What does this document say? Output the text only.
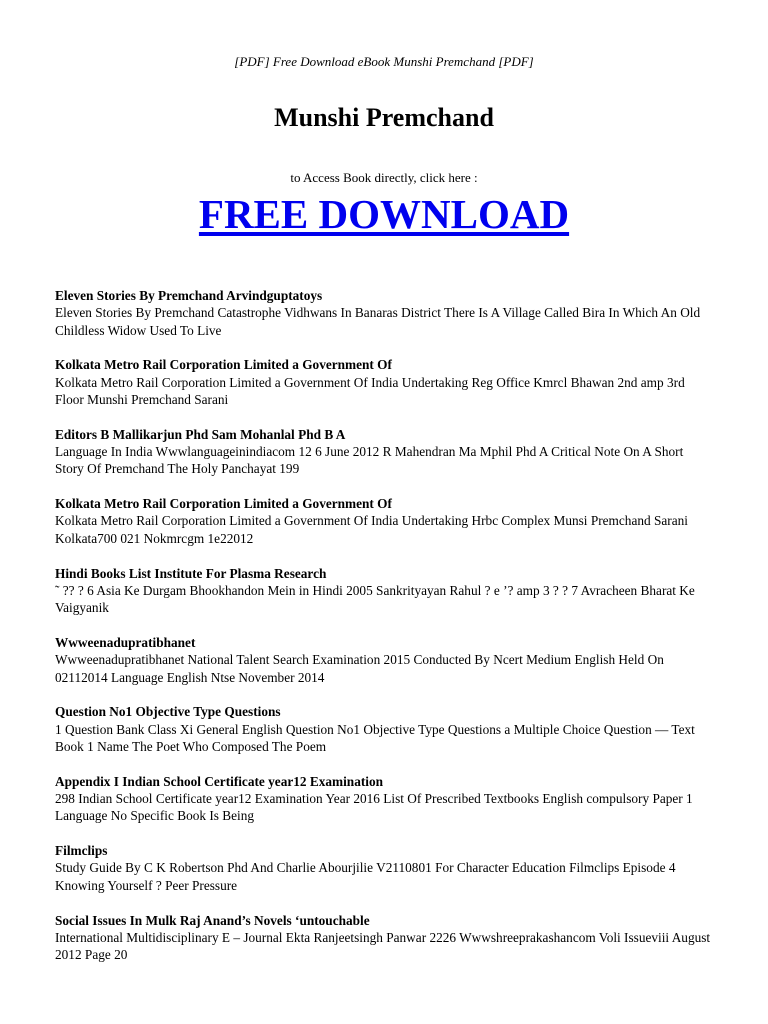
[PDF] Free Download eBook Munshi Premchand [PDF]
Munshi Premchand
to Access Book directly, click here :
FREE DOWNLOAD
Eleven Stories By Premchand Arvindguptatoys
Eleven Stories By Premchand Catastrophe Vidhwans In Banaras District There Is A Village Called Bira In Which An Old Childless Widow Used To Live
Kolkata Metro Rail Corporation Limited a Government Of
Kolkata Metro Rail Corporation Limited a Government Of India Undertaking Reg Office Kmrcl Bhawan 2nd amp 3rd Floor Munshi Premchand Sarani
Editors B Mallikarjun Phd Sam Mohanlal Phd B A
Language In India Wwwlanguageinindiacom 12 6 June 2012 R Mahendran Ma Mphil Phd A Critical Note On A Short Story Of Premchand The Holy Panchayat 199
Kolkata Metro Rail Corporation Limited a Government Of
Kolkata Metro Rail Corporation Limited a Government Of India Undertaking Hrbc Complex Munsi Premchand Sarani Kolkata700 021 Nokmrcgm 1e22012
Hindi Books List Institute For Plasma Research
˜ ?? ? 6 Asia Ke Durgam Bhookhandon Mein in Hindi 2005 Sankrityayan Rahul ? e ’? amp 3 ? ? 7 Avracheen Bharat Ke Vaigyanik
Wwweenadupratibhanet
Wwweenadupratibhanet National Talent Search Examination 2015 Conducted By Ncert Medium English Held On 02112014 Language English Ntse November 2014
Question No1 Objective Type Questions
1 Question Bank Class Xi General English Question No1 Objective Type Questions a Multiple Choice Question — Text Book 1 Name The Poet Who Composed The Poem
Appendix I Indian School Certificate year12 Examination
298 Indian School Certificate year12 Examination Year 2016 List Of Prescribed Textbooks English compulsory Paper 1 Language No Specific Book Is Being
Filmclips
Study Guide By C K Robertson Phd And Charlie Abourjilie V2110801 For Character Education Filmclips Episode 4 Knowing Yourself ? Peer Pressure
Social Issues In Mulk Raj Anand’s Novels ‘untouchable
International Multidisciplinary E – Journal Ekta Ranjeetsingh Panwar 2226 Wwwshreeprakashancom Voli Issueviii August 2012 Page 20
